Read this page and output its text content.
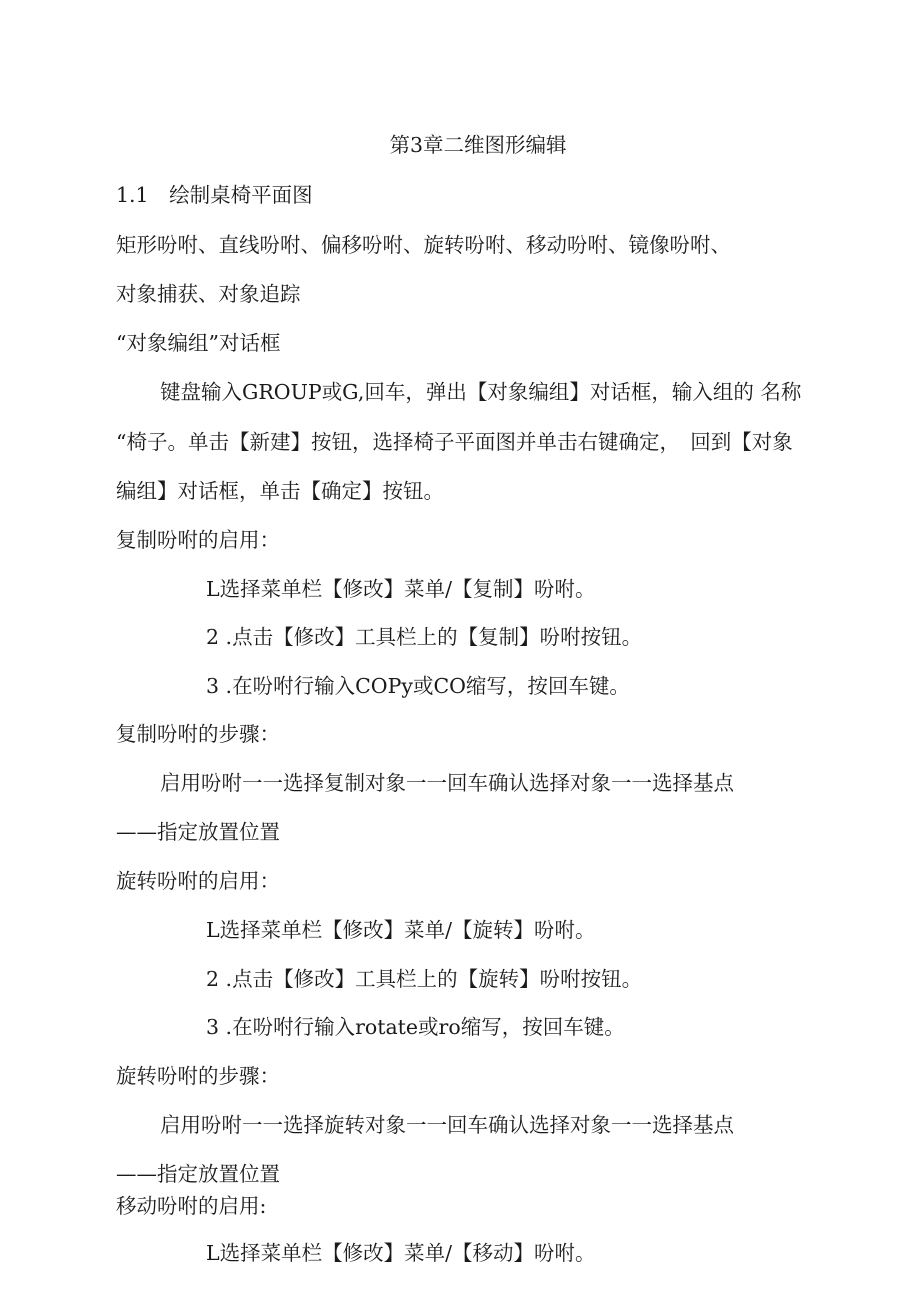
第3章二维图形编辑
1.1　绘制桌椅平面图
矩形吩咐、直线吩咐、偏移吩咐、旋转吩咐、移动吩咐、镜像吩咐、
对象捕获、对象追踪
“对象编组”对话框
键盘输入GROUP或G,回车，弹出【对象编组】对话框，输入组的 名称
“椅子。单击【新建】按钮，选择椅子平面图并单击右键确定，　回到【对象
编组】对话框，单击【确定】按钮。
复制吩咐的启用：
L选择菜单栏【修改】菜单/【复制】吩咐。
2 .点击【修改】工具栏上的【复制】吩咐按钮。
3 .在吩咐行输入COPy或CO缩写，按回车键。
复制吩咐的步骤：
启用吩咐一一选择复制对象一一回车确认选择对象一一选择基点
——指定放置位置
旋转吩咐的启用：
L选择菜单栏【修改】菜单/【旋转】吩咐。
2 .点击【修改】工具栏上的【旋转】吩咐按钮。
3 .在吩咐行输入rotate或ro缩写，按回车键。
旋转吩咐的步骤：
启用吩咐一一选择旋转对象一一回车确认选择对象一一选择基点
——指定放置位置
移动吩咐的启用:
L选择菜单栏【修改】菜单/【移动】吩咐。
